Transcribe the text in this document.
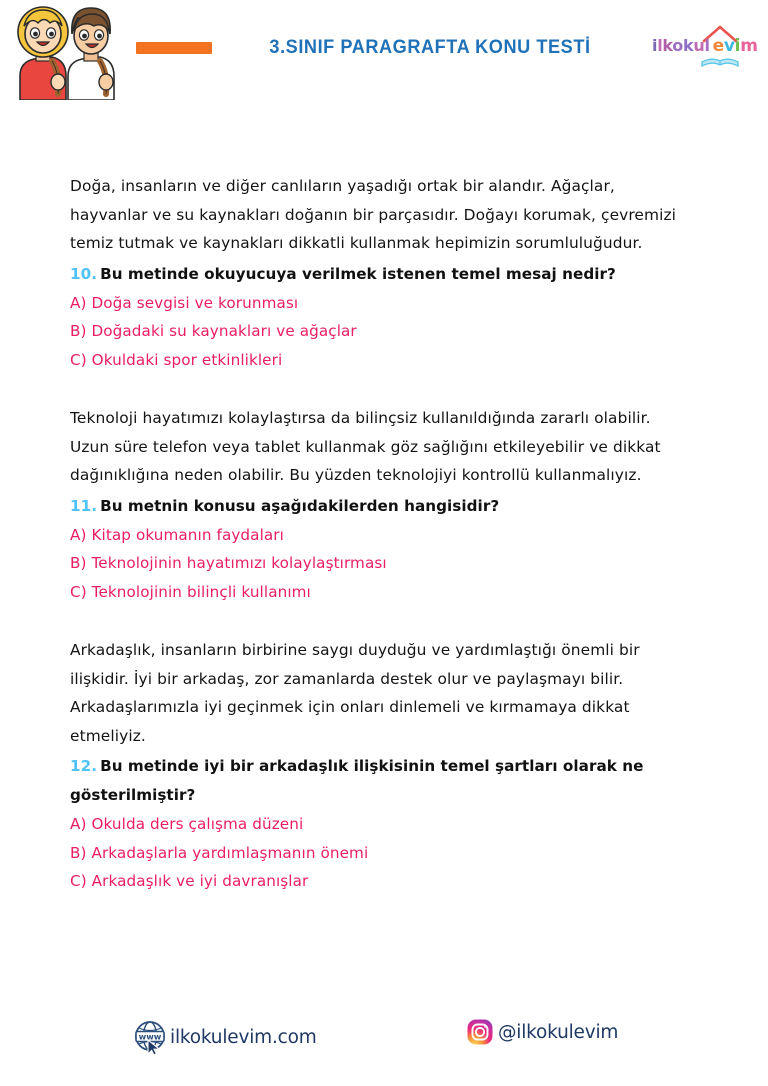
3.SINIF PARAGRAFTA KONU TESTİ	ilkokul evim

Doğa, insanların ve diğer canlıların yaşadığı ortak bir alandır. Ağaçlar, hayvanlar ve su kaynakları doğanın bir parçasıdır. Doğayı korumak, çevremizi temiz tutmak ve kaynakları dikkatli kullanmak hepimizin sorumluluğudur.

10. Bu metinde okuyucuya verilmek istenen temel mesaj nedir?

A) Doğa sevgisi ve korunması

B) Doğadaki su kaynakları ve ağaçlar

C) Okuldaki spor etkinlikleri

Teknoloji hayatımızı kolaylaştırsa da bilinçsiz kullanıldığında zararlı olabilir. Uzun süre telefon veya tablet kullanmak göz sağlığını etkileyebilir ve dikkat dağınıklığına neden olabilir. Bu yüzden teknolojiyi kontrollü kullanmalıyız.

11. Bu metnin konusu aşağıdakilerden hangisidir?

A) Kitap okumanın faydaları

B) Teknolojinin hayatımızı kolaylaştırması

C) Teknolojinin bilinçli kullanımı

Arkadaşlık, insanların birbirine saygı duyduğu ve yardımlaştığı önemli bir ilişkidir. İyi bir arkadaş, zor zamanlarda destek olur ve paylaşmayı bilir. Arkadaşlarımızla iyi geçinmek için onları dinlemeli ve kırmamaya dikkat etmeliyiz.

12. Bu metinde iyi bir arkadaşlık ilişkisinin temel şartları olarak ne gösterilmiştir?

A) Okulda ders çalışma düzeni

B) Arkadaşlarla yardımlaşmanın önemi

C) Arkadaşlık ve iyi davranışlar

www ilkokulevim.com	@ilkokulevim
